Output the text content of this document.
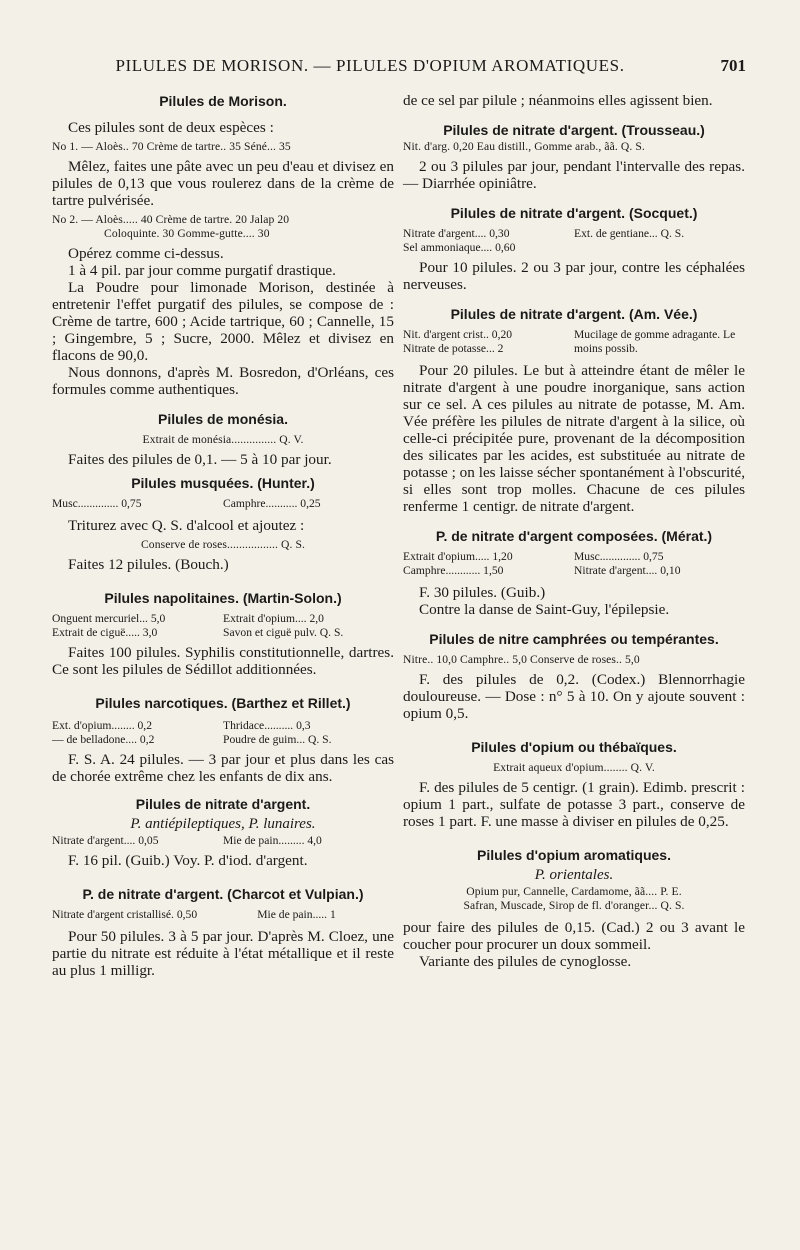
PILULES DE MORISON. — PILULES D'OPIUM AROMATIQUES.	701
Pilules de Morison.

Ces pilules sont de deux espèces :

No 1. — Aloès.. 70 Crème de tartre.. 35 Séné... 35

Mêlez, faites une pâte avec un peu d'eau et divisez en pilules de 0,13 que vous roulerez dans de la crème de tartre pulvérisée.

No 2. — Aloès..... 40 Crème de tartre. 20 Jalap 20
Coloquinte. 30 Gomme-gutte.... 30

Opérez comme ci-dessus.

1 à 4 pil. par jour comme purgatif drastique.

La Poudre pour limonade Morison, destinée à entretenir l'effet purgatif des pilules, se compose de : Crème de tartre, 600 ; Acide tartrique, 60 ; Cannelle, 15 ; Gingembre, 5 ; Sucre, 2000. Mêlez et divisez en flacons de 90,0.

Nous donnons, d'après M. Bosredon, d'Orléans, ces formules comme authentiques.

Pilules de monésia.
Extrait de monésia............... Q. V.

Faites des pilules de 0,1. — 5 à 10 par jour.

Pilules musquées. (Hunter.)
Musc.............. 0,75	Camphre........... 0,25

Triturez avec Q. S. d'alcool et ajoutez :

Conserve de roses................. Q. S.

Faites 12 pilules. (Bouch.)

Pilules napolitaines. (Martin-Solon.)
Onguent mercuriel... 5,0	Extrait d'opium.... 2,0
Extrait de ciguë..... 3,0	Savon et ciguë pulv. Q. S.

Faites 100 pilules. Syphilis constitutionnelle, dartres. Ce sont les pilules de Sédillot additionnées.

Pilules narcotiques. (Barthez et Rillet.)
Ext. d'opium........ 0,2	Thridace.......... 0,3
— de belladone.... 0,2	Poudre de guim... Q. S.

F. S. A. 24 pilules. — 3 par jour et plus dans les cas de chorée extrême chez les enfants de dix ans.

Pilules de nitrate d'argent.
P. antiépileptiques, P. lunaires.
Nitrate d'argent.... 0,05	Mie de pain......... 4,0

F. 16 pil. (Guib.) Voy. P. d'iod. d'argent.

P. de nitrate d'argent. (Charcot et Vulpian.)
Nitrate d'argent cristallisé. 0,50	Mie de pain..... 1

Pour 50 pilules. 3 à 5 par jour. D'après M. Cloez, une partie du nitrate est réduite à l'état métallique et il reste au plus 1 milligr.

de ce sel par pilule ; néanmoins elles agissent bien.

Pilules de nitrate d'argent. (Trousseau.)
Nit. d'arg. 0,20 Eau distill., Gomme arab., ãã. Q. S.

2 ou 3 pilules par jour, pendant l'intervalle des repas. — Diarrhée opiniâtre.

Pilules de nitrate d'argent. (Socquet.)
Nitrate d'argent.... 0,30	Ext. de gentiane... Q. S.
Sel ammoniaque.... 0,60

Pour 10 pilules. 2 ou 3 par jour, contre les céphalées nerveuses.

Pilules de nitrate d'argent. (Am. Vée.)
Nit. d'argent crist.. 0,20
Nitrate de potasse... 2
Mucilage de gomme adragante. Le moins possib.

Pour 20 pilules. Le but à atteindre étant de mêler le nitrate d'argent à une poudre inorganique, sans action sur ce sel. A ces pilules au nitrate de potasse, M. Am. Vée préfère les pilules de nitrate d'argent à la silice, où celle-ci précipitée pure, provenant de la décomposition des silicates par les acides, est substituée au nitrate de potasse ; on les laisse sécher spontanément à l'obscurité, si elles sont trop molles. Chacune de ces pilules renferme 1 centigr. de nitrate d'argent.

P. de nitrate d'argent composées. (Mérat.)
Extrait d'opium..... 1,20	Musc.............. 0,75
Camphre............ 1,50	Nitrate d'argent.... 0,10

F. 30 pilules. (Guib.)

Contre la danse de Saint-Guy, l'épilepsie.

Pilules de nitre camphrées ou tempérantes.
Nitre.. 10,0 Camphre.. 5,0 Conserve de roses.. 5,0

F. des pilules de 0,2. (Codex.) Blennorrhagie douloureuse. — Dose : n° 5 à 10. On y ajoute souvent : opium 0,5.

Pilules d'opium ou thébaïques.
Extrait aqueux d'opium........ Q. V.

F. des pilules de 5 centigr. (1 grain). Edimb. prescrit : opium 1 part., sulfate de potasse 3 part., conserve de roses 1 part. F. une masse à diviser en pilules de 0,25.

Pilules d'opium aromatiques.
P. orientales.
Opium pur, Cannelle, Cardamome, ãã.... P. E.
Safran, Muscade, Sirop de fl. d'oranger... Q. S.

pour faire des pilules de 0,15. (Cad.) 2 ou 3 avant le coucher pour procurer un doux sommeil.

Variante des pilules de cynoglosse.
